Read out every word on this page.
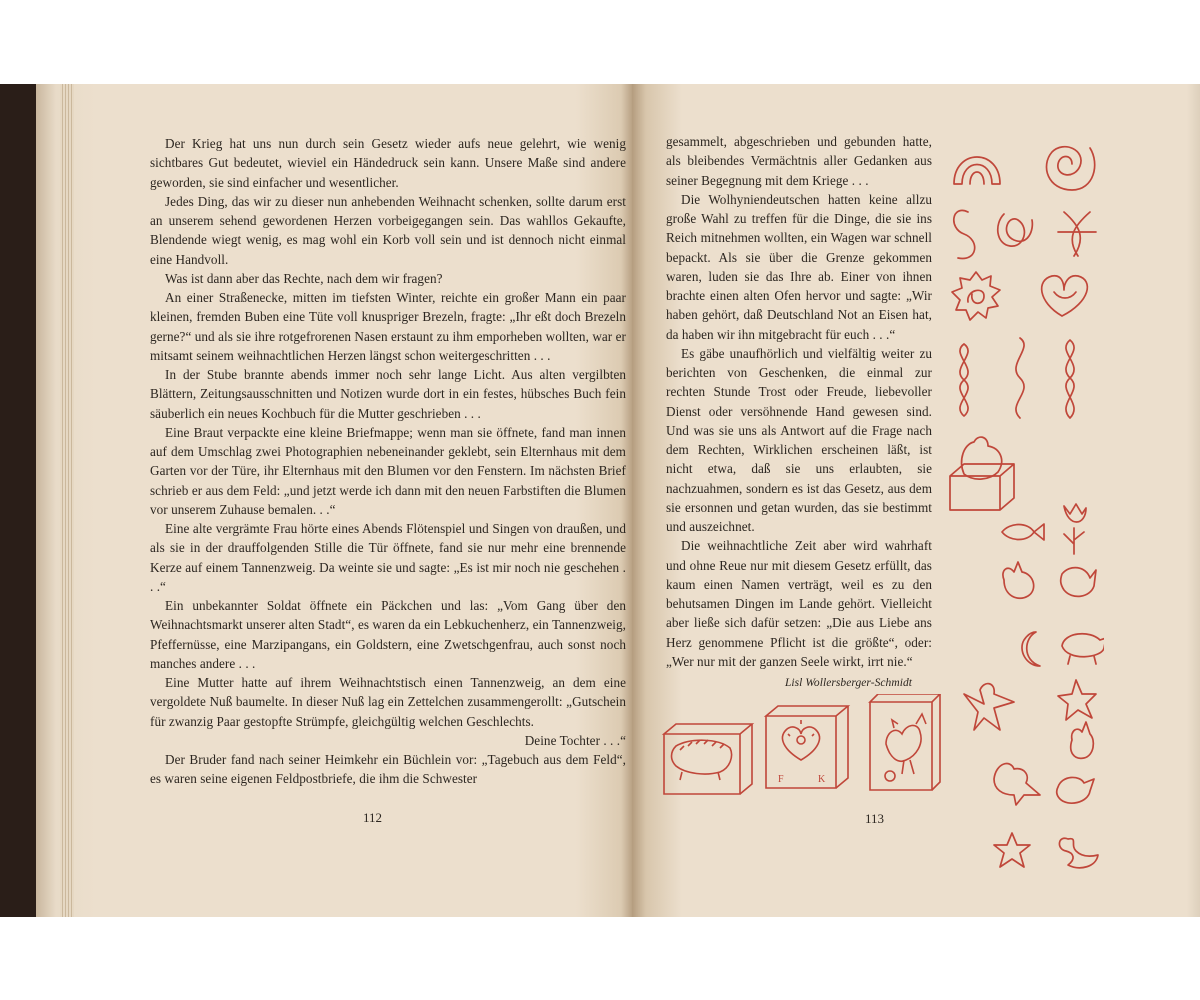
Der Krieg hat uns nun durch sein Gesetz wieder aufs neue gelehrt, wie wenig sichtbares Gut bedeutet, wieviel ein Händedruck sein kann. Unsere Maße sind andere geworden, sie sind einfacher und wesentlicher.

Jedes Ding, das wir zu dieser nun anhebenden Weihnacht schenken, sollte darum erst an unserem sehend gewordenen Herzen vorbeigegangen sein. Das wahllos Gekaufte, Blendende wiegt wenig, es mag wohl ein Korb voll sein und ist dennoch nicht einmal eine Handvoll.

Was ist dann aber das Rechte, nach dem wir fragen?

An einer Straßenecke, mitten im tiefsten Winter, reichte ein großer Mann ein paar kleinen, fremden Buben eine Tüte voll knuspriger Brezeln, fragte: „Ihr eßt doch Brezeln gerne?“ und als sie ihre rotgefrorenen Nasen erstaunt zu ihm emporheben wollten, war er mitsamt seinem weihnachtlichen Herzen längst schon weitergeschritten . . .

In der Stube brannte abends immer noch sehr lange Licht. Aus alten vergilbten Blättern, Zeitungsausschnitten und Notizen wurde dort in ein festes, hübsches Buch fein säuberlich ein neues Kochbuch für die Mutter geschrieben . . .

Eine Braut verpackte eine kleine Briefmappe; wenn man sie öffnete, fand man innen auf dem Umschlag zwei Photographien nebeneinander geklebt, sein Elternhaus mit dem Garten vor der Türe, ihr Elternhaus mit den Blumen vor den Fenstern. Im nächsten Brief schrieb er aus dem Feld: „und jetzt werde ich dann mit den neuen Farbstiften die Blumen vor unserem Zuhause bemalen. . .“

Eine alte vergrämte Frau hörte eines Abends Flötenspiel und Singen von draußen, und als sie in der drauffolgenden Stille die Tür öffnete, fand sie nur mehr eine brennende Kerze auf einem Tannenzweig. Da weinte sie und sagte: „Es ist mir noch nie geschehen . . .“

Ein unbekannter Soldat öffnete ein Päckchen und las: „Vom Gang über den Weihnachtsmarkt unserer alten Stadt“, es waren da ein Lebkuchenherz, ein Tannenzweig, Pfeffernüsse, eine Marzipangans, ein Goldstern, eine Zwetschgenfrau, auch sonst noch manches andere . . .

Eine Mutter hatte auf ihrem Weihnachtstisch einen Tannenzweig, an dem eine vergoldete Nuß baumelte. In dieser Nuß lag ein Zettelchen zusammengerollt: „Gutschein für zwanzig Paar gestopfte Strümpfe, gleichgültig welchen Geschlechts.

Deine Tochter . . .“

Der Bruder fand nach seiner Heimkehr ein Büchlein vor: „Tagebuch aus dem Feld“, es waren seine eigenen Feldpostbriefe, die ihm die Schwester

112

gesammelt, abgeschrieben und gebunden hatte, als bleibendes Vermächtnis aller Gedanken aus seiner Begegnung mit dem Kriege . . .

Die Wolhyniendeutschen hatten keine allzu große Wahl zu treffen für die Dinge, die sie ins Reich mitnehmen wollten, ein Wagen war schnell bepackt. Als sie über die Grenze gekommen waren, luden sie das Ihre ab. Einer von ihnen brachte einen alten Ofen hervor und sagte: „Wir haben gehört, daß Deutschland Not an Eisen hat, da haben wir ihn mitgebracht für euch . . .“

Es gäbe unaufhörlich und vielfältig weiter zu berichten von Geschenken, die einmal zur rechten Stunde Trost oder Freude, liebevoller Dienst oder versöhnende Hand gewesen sind. Und was sie uns als Antwort auf die Frage nach dem Rechten, Wirklichen erscheinen läßt, ist nicht etwa, daß sie uns erlaubten, sie nachzuahmen, sondern es ist das Gesetz, aus dem sie ersonnen und getan wurden, das sie bestimmt und auszeichnet.

Die weihnachtliche Zeit aber wird wahrhaft und ohne Reue nur mit diesem Gesetz erfüllt, das kaum einen Namen verträgt, weil es zu den behutsamen Dingen im Lande gehört. Vielleicht aber ließe sich dafür setzen: „Die aus Liebe ans Herz genommene Pflicht ist die größte“, oder: „Wer nur mit der ganzen Seele wirkt, irrt nie.“

Lisl Wollersberger-Schmidt
F	K
113
